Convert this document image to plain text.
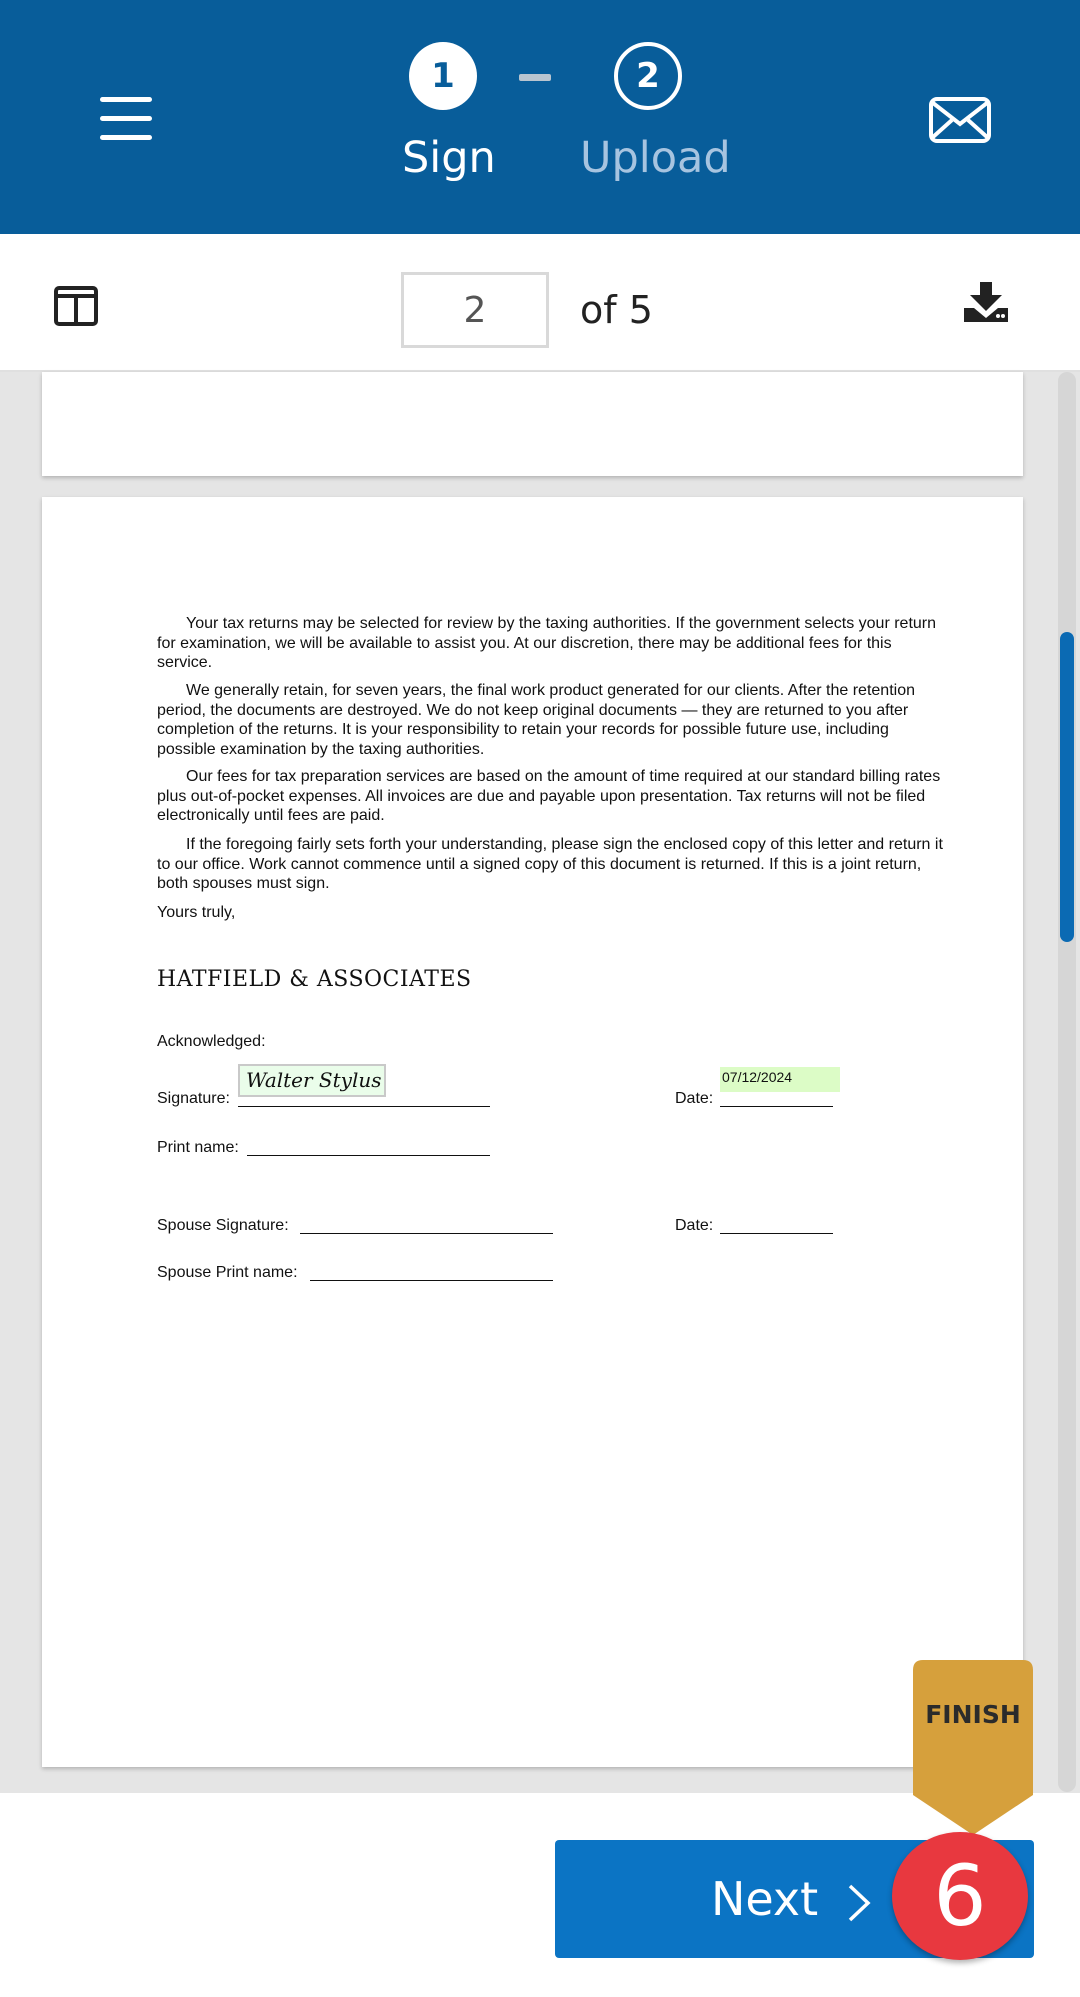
1	2
Sign Upload
2	of 5

Your tax returns may be selected for review by the taxing authorities. If the government selects your return for examination, we will be available to assist you. At our discretion, there may be additional fees for this service.

We generally retain, for seven years, the final work product generated for our clients. After the retention period, the documents are destroyed. We do not keep original documents — they are returned to you after completion of the returns. It is your responsibility to retain your records for possible future use, including possible examination by the taxing authorities.

Our fees for tax preparation services are based on the amount of time required at our standard billing rates plus out-of-pocket expenses. All invoices are due and payable upon presentation. Tax returns will not be filed electronically until fees are paid.

If the foregoing fairly sets forth your understanding, please sign the enclosed copy of this letter and return it to our office. Work cannot commence until a signed copy of this document is returned. If this is a joint return, both spouses must sign.

Yours truly,
HATFIELD & ASSOCIATES
Acknowledged:
Signature:
Walter Stylus
Date:
07/12/2024
Print name:
Spouse Signature:	Date:
Spouse Print name:
FINISH
Next	6
